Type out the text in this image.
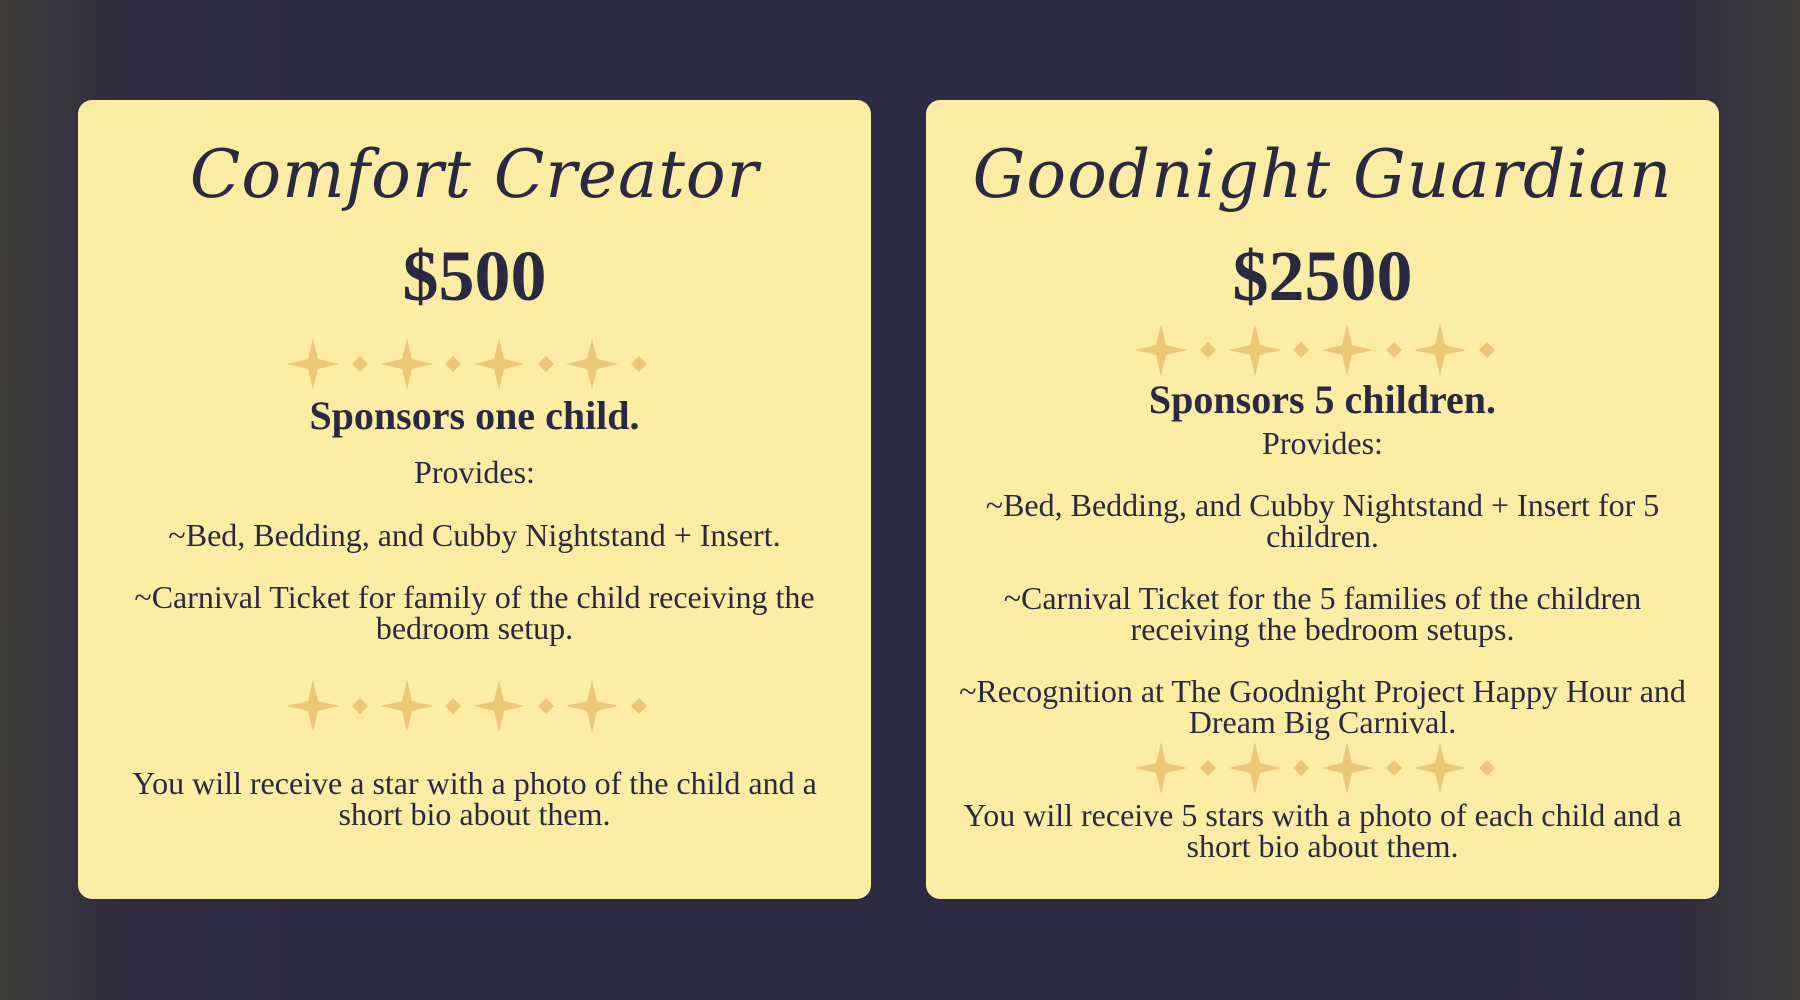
Comfort Creator
$500
Sponsors one child.
Provides:
~Bed, Bedding, and Cubby Nightstand + Insert.
~Carnival Ticket for family of the child receiving the bedroom setup.
You will receive a star with a photo of the child and a short bio about them.
Goodnight Guardian
$2500
Sponsors 5 children.
Provides:
~Bed, Bedding, and Cubby Nightstand + Insert for 5 children.
~Carnival Ticket for the 5 families of the children receiving the bedroom setups.
~Recognition at The Goodnight Project Happy Hour and Dream Big Carnival.
You will receive 5 stars with a photo of each child and a short bio about them.
